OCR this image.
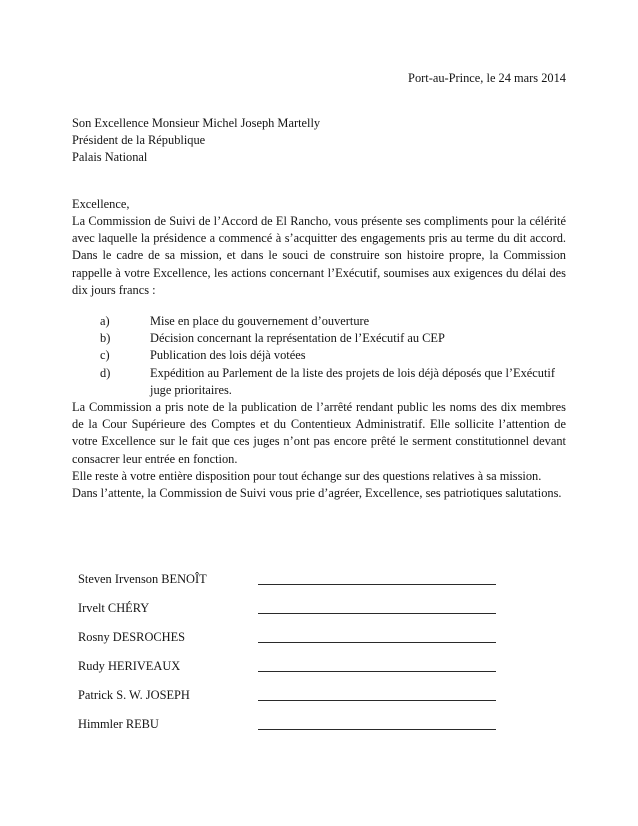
Port-au-Prince, le 24 mars 2014
Son Excellence Monsieur Michel Joseph Martelly
Président de la République
Palais National
Excellence,

La Commission de Suivi de l’Accord de El Rancho, vous présente ses compliments pour la célérité avec laquelle la présidence a commencé à s’acquitter des engagements pris au terme du dit accord. Dans le cadre de sa mission, et dans le souci de construire son histoire propre, la Commission rappelle à votre Excellence, les actions concernant l’Exécutif, soumises aux exigences du délai des dix jours francs :

a)	Mise en place du gouvernement d’ouverture
b)	Décision concernant la représentation de l’Exécutif au CEP
c)	Publication des lois déjà votées
d)	Expédition au Parlement de la liste des projets de lois déjà déposés que l’Exécutif juge prioritaires.

La Commission a pris note de la publication de l’arrêté rendant public les noms des dix membres de la Cour Supérieure des Comptes et du Contentieux Administratif. Elle sollicite l’attention de votre Excellence sur le fait que ces juges n’ont pas encore prêté le serment constitutionnel devant consacrer leur entrée en fonction.

Elle reste à votre entière disposition pour tout échange sur des questions relatives à sa mission.

Dans l’attente, la Commission de Suivi vous prie d’agréer, Excellence, ses patriotiques salutations.

Steven Irvenson BENOÎT
Irvelt CHÉRY
Rosny DESROCHES
Rudy HERIVEAUX
Patrick S. W. JOSEPH
Himmler REBU
